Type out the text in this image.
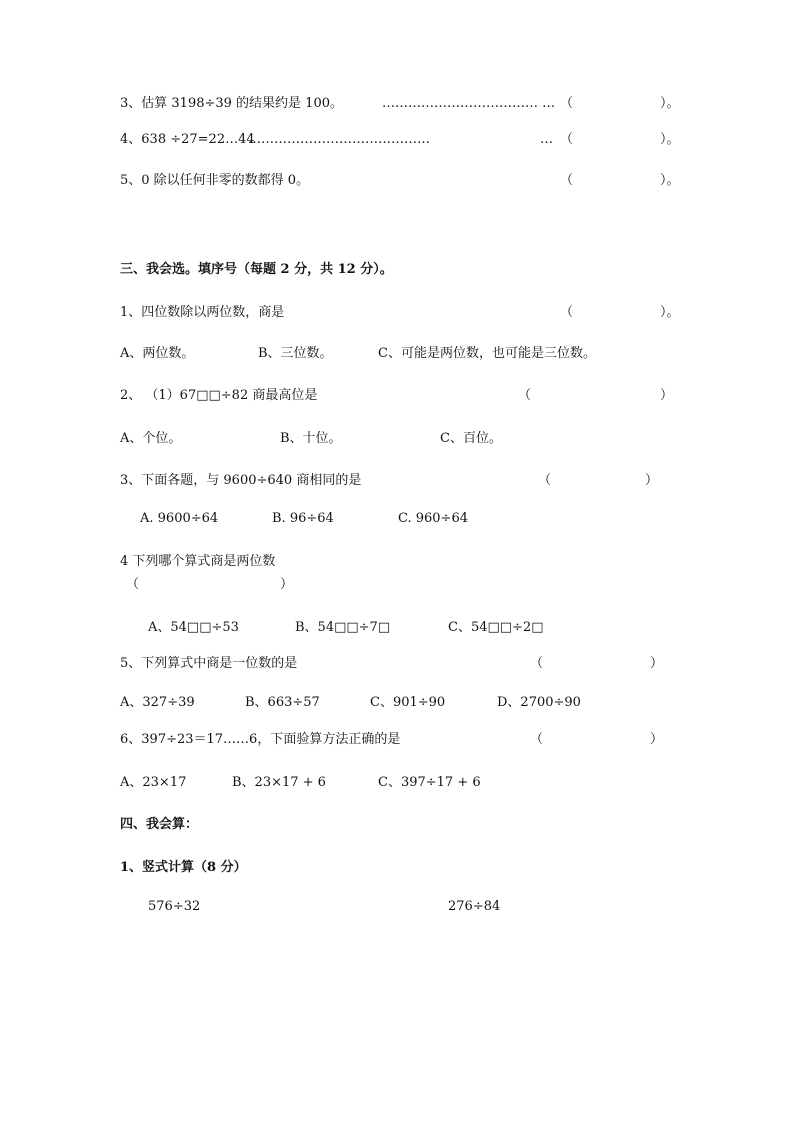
3、估算 3198÷39 的结果约是 100。	……………………………… … （	）。
4、638 ÷27=22…44
……………………………………	… （	）。
5、0 除以任何非零的数都得 0。	（	）。
三、我会选。填序号（每题 2 分，共 12 分）。
1、四位数除以两位数，商是	（	）。
A、两位数。	B、三位数。	C、可能是两位数，也可能是三位数。
2、 （1）67□□÷82 商最高位是	（	）
A、个位。	B、十位。	C、百位。
3、下面各题，与 9600÷640 商相同的是	（	）
A. 9600÷64	B. 96÷64	C. 960÷64
4 下列哪个算式商是两位数
（	）
A、54□□÷53	B、54□□÷7□	C、54□□÷2□
5、下列算式中商是一位数的是	（	）
A、327÷39	B、663÷57	C、901÷90	D、2700÷90
6、397÷23＝17……6，下面验算方法正确的是	（	）
A、23×17	B、23×17 + 6	C、397÷17 + 6
四、我会算：
1、竖式计算（8 分）
576÷32	276÷84
